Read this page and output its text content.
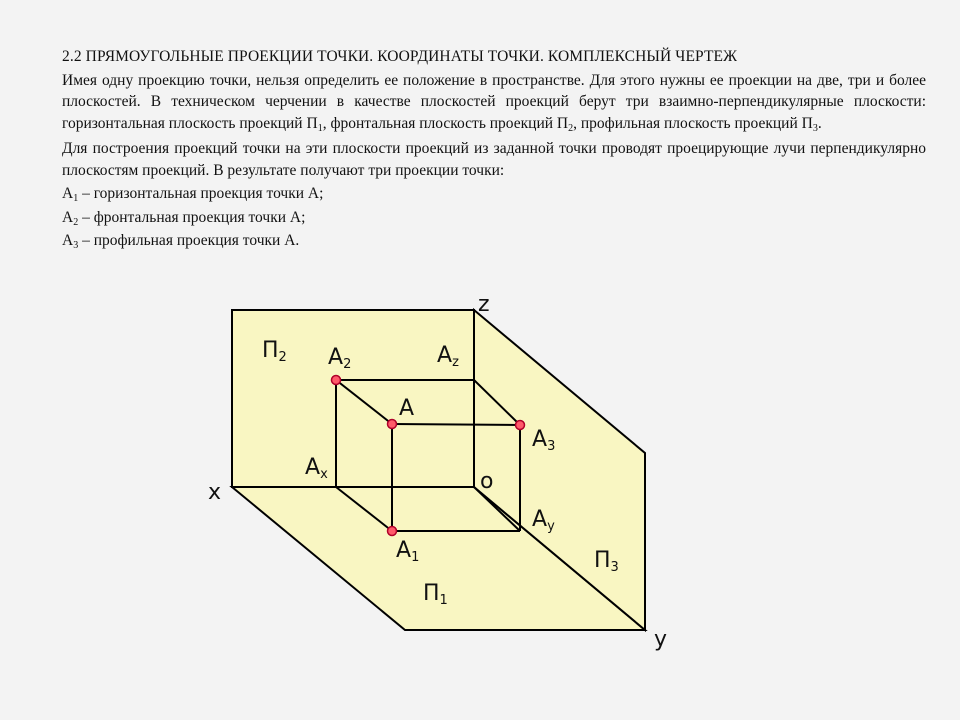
2.2 ПРЯМОУГОЛЬНЫЕ ПРОЕКЦИИ ТОЧКИ. КООРДИНАТЫ ТОЧКИ. КОМПЛЕКСНЫЙ ЧЕРТЕЖ

Имея одну проекцию точки, нельзя определить ее положение в пространстве. Для этого нужны ее проекции на две, три и более плоскостей. В техническом черчении в качестве плоскостей проекций берут три взаимно-перпендикулярные плоскости: горизонтальная плоскость проекций $П_1$, фронтальная плоскость проекций $П_2$, профильная плоскость проекций $П_3$.

Для построения проекций точки на эти плоскости проекций из заданной точки проводят проецирующие лучи перпендикулярно плоскостям проекций. В результате получают три проекции точки:

$А_1$ – горизонтальная проекция точки А;

$А_2$ – фронтальная проекция точки А;

$А_3$ – профильная проекция точки А.

z
x
y
o
П2
П1
П3
A2	Az
A
A3
Ax
Ay
A1
